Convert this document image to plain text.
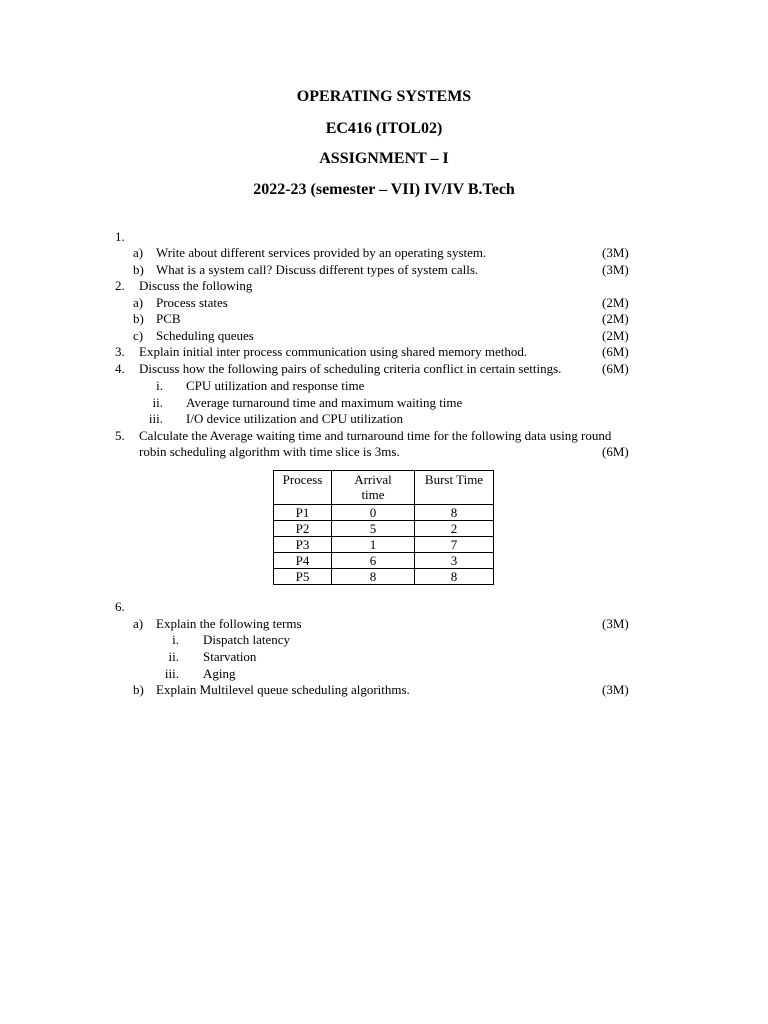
OPERATING SYSTEMS
EC416 (ITOL02)
ASSIGNMENT – I
2022-23 (semester – VII) IV/IV B.Tech
1.
a) Write about different services provided by an operating system.	(3M)
b) What is a system call? Discuss different types of system calls.	(3M)
2. Discuss the following
a) Process states	(2M)
b) PCB	(2M)
c) Scheduling queues	(2M)
3. Explain initial inter process communication using shared memory method.	(6M)
4. Discuss how the following pairs of scheduling criteria conflict in certain settings.	(6M)
i. CPU utilization and response time
ii. Average turnaround time and maximum waiting time
iii. I/O device utilization and CPU utilization
5. Calculate the Average waiting time and turnaround time for the following data using round
robin scheduling algorithm with time slice is 3ms.	(6M)
Process	Arrival time	Burst Time
P1	0	8
P2	5	2
P3	1	7
P4	6	3
P5	8	8
6.
a) Explain the following terms	(3M)
i. Dispatch latency
ii. Starvation
iii. Aging
b) Explain Multilevel queue scheduling algorithms.	(3M)
